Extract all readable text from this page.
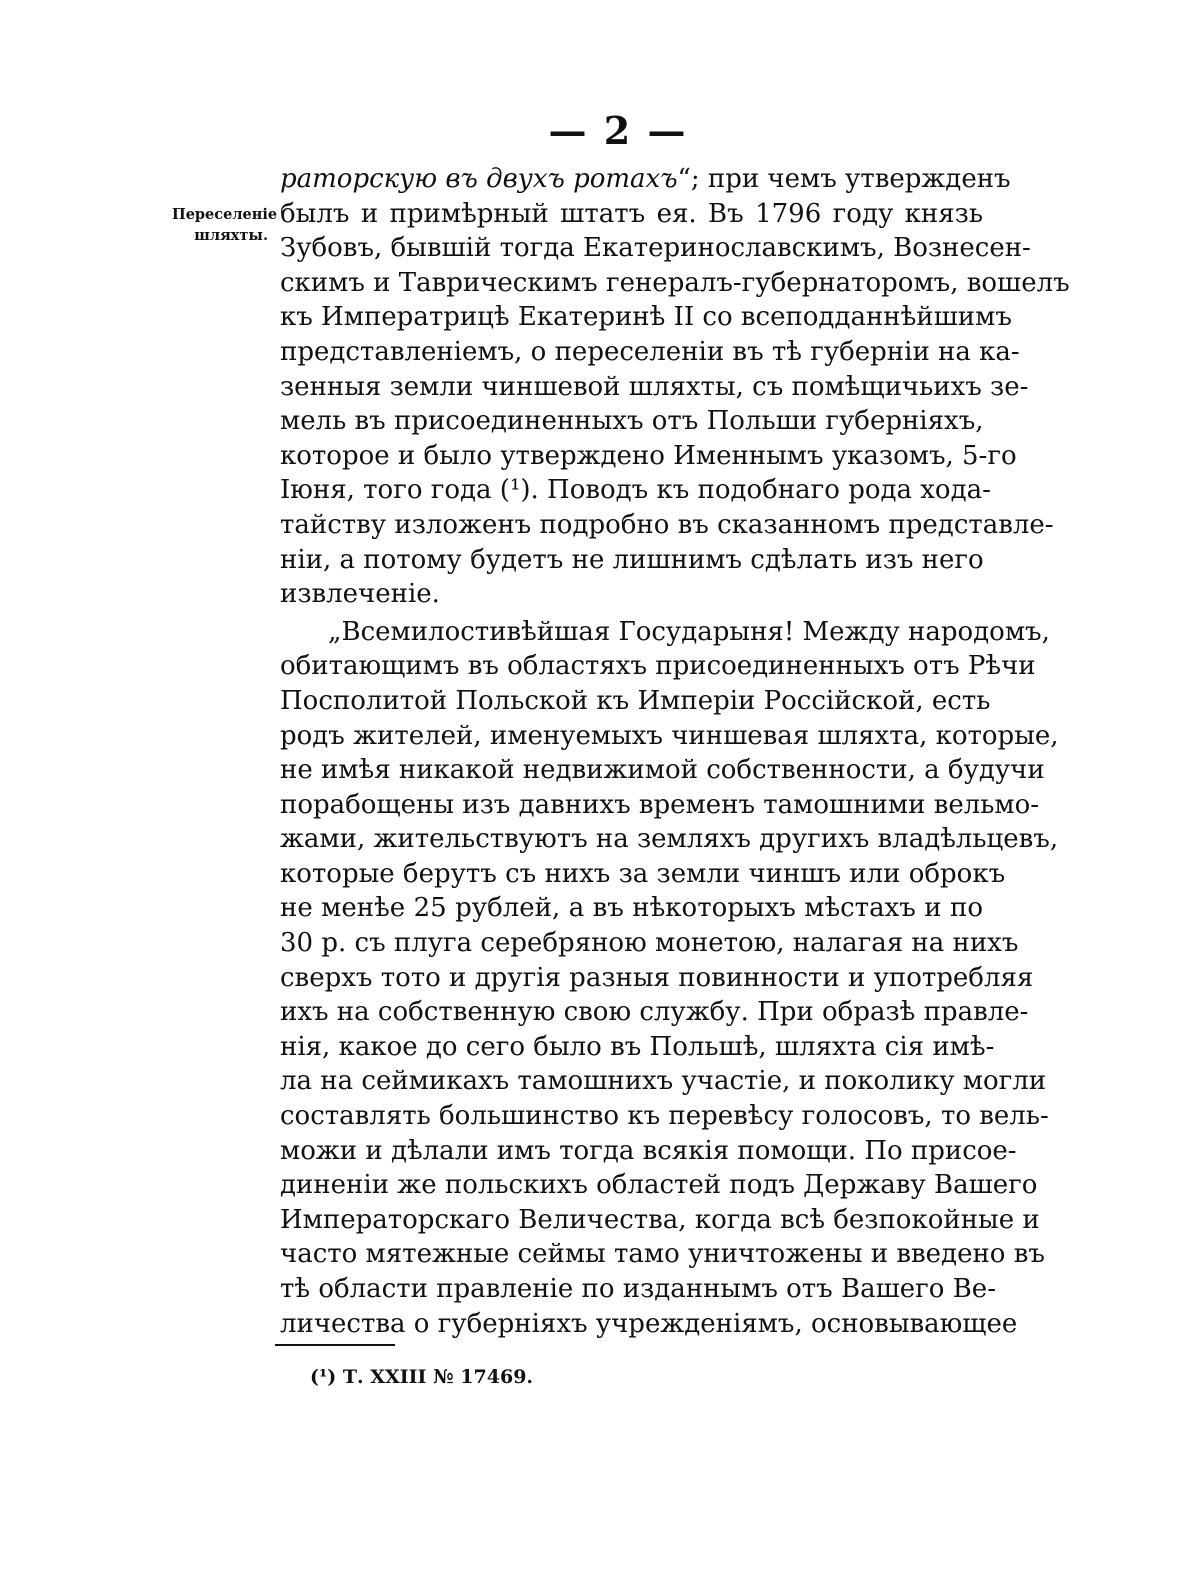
— 2 —
Переселеніе
шляхты.
раторскую въ двухъ ротахъ“; при чемъ утвержденъ
былъ и примѣрный штатъ ея. Въ 1796 году князь
Зубовъ, бывшій тогда Екатеринославскимъ, Вознесен-
скимъ и Таврическимъ генералъ-губернаторомъ, вошелъ
къ Императрицѣ Екатеринѣ II со всеподданнѣйшимъ
представленіемъ, о переселеніи въ тѣ губерніи на ка-
зенныя земли чиншевой шляхты, съ помѣщичьихъ зе-
мель въ присоединенныхъ отъ Польши губерніяхъ,
которое и было утверждено Именнымъ указомъ, 5-го
Іюня, того года (¹). Поводъ къ подобнаго рода хода-
тайству изложенъ подробно въ сказанномъ представле-
ніи, а потому будетъ не лишнимъ сдѣлать изъ него
извлеченіе.
„Всемилостивѣйшая Государыня! Между народомъ,
обитающимъ въ областяхъ присоединенныхъ отъ Рѣчи
Посполитой Польской къ Имперіи Россійской, есть
родъ жителей, именуемыхъ чиншевая шляхта, которые,
не имѣя никакой недвижимой собственности, а будучи
порабощены изъ давнихъ временъ тамошними вельмо-
жами, жительствуютъ на земляхъ другихъ владѣльцевъ,
которые берутъ съ нихъ за земли чиншъ или оброкъ
не менѣе 25 рублей, а въ нѣкоторыхъ мѣстахъ и по
30 р. съ плуга серебряною монетою, налагая на нихъ
сверхъ тото и другія разныя повинности и употребляя
ихъ на собственную свою службу. При образѣ правле-
нія, какое до сего было въ Польшѣ, шляхта сія имѣ-
ла на сеймикахъ тамошнихъ участіе, и поколику могли
составлять большинство къ перевѣсу голосовъ, то вель-
можи и дѣлали имъ тогда всякія помощи. По присое-
диненіи же польскихъ областей подъ Державу Вашего
Императорскаго Величества, когда всѣ безпокойные и
часто мятежные сеймы тамо уничтожены и введено въ
тѣ области правленіе по изданнымъ отъ Вашего Ве-
личества о губерніяхъ учрежденіямъ, основывающее
(¹) Т. XXIII № 17469.
